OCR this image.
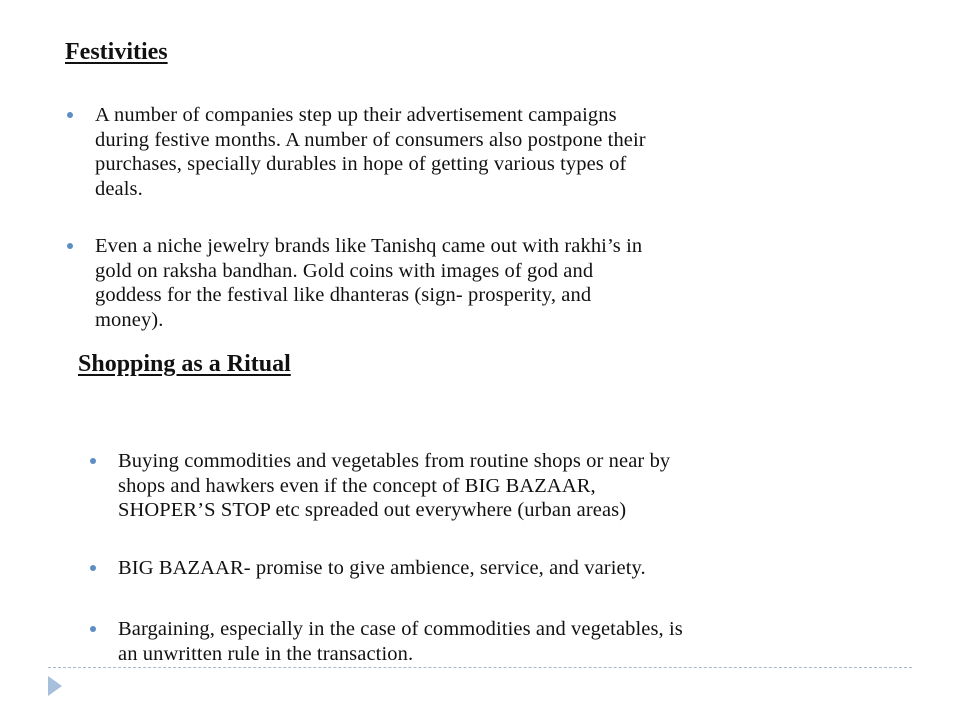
Festivities
A number of companies step up their advertisement campaigns
during festive months. A number of consumers also postpone their
purchases, specially durables in hope of getting various types of
deals.
Even a niche jewelry brands like Tanishq came out with rakhi’s in
gold on raksha bandhan. Gold coins with images of god and
goddess for the festival like dhanteras (sign- prosperity, and
money).
Shopping as a Ritual
Buying commodities and vegetables from routine shops or near by
shops and hawkers even if the concept of BIG BAZAAR,
SHOPER’S STOP etc spreaded out everywhere (urban areas)
BIG BAZAAR- promise to give ambience, service, and variety.
Bargaining, especially in the case of commodities and vegetables, is
an unwritten rule in the transaction.
